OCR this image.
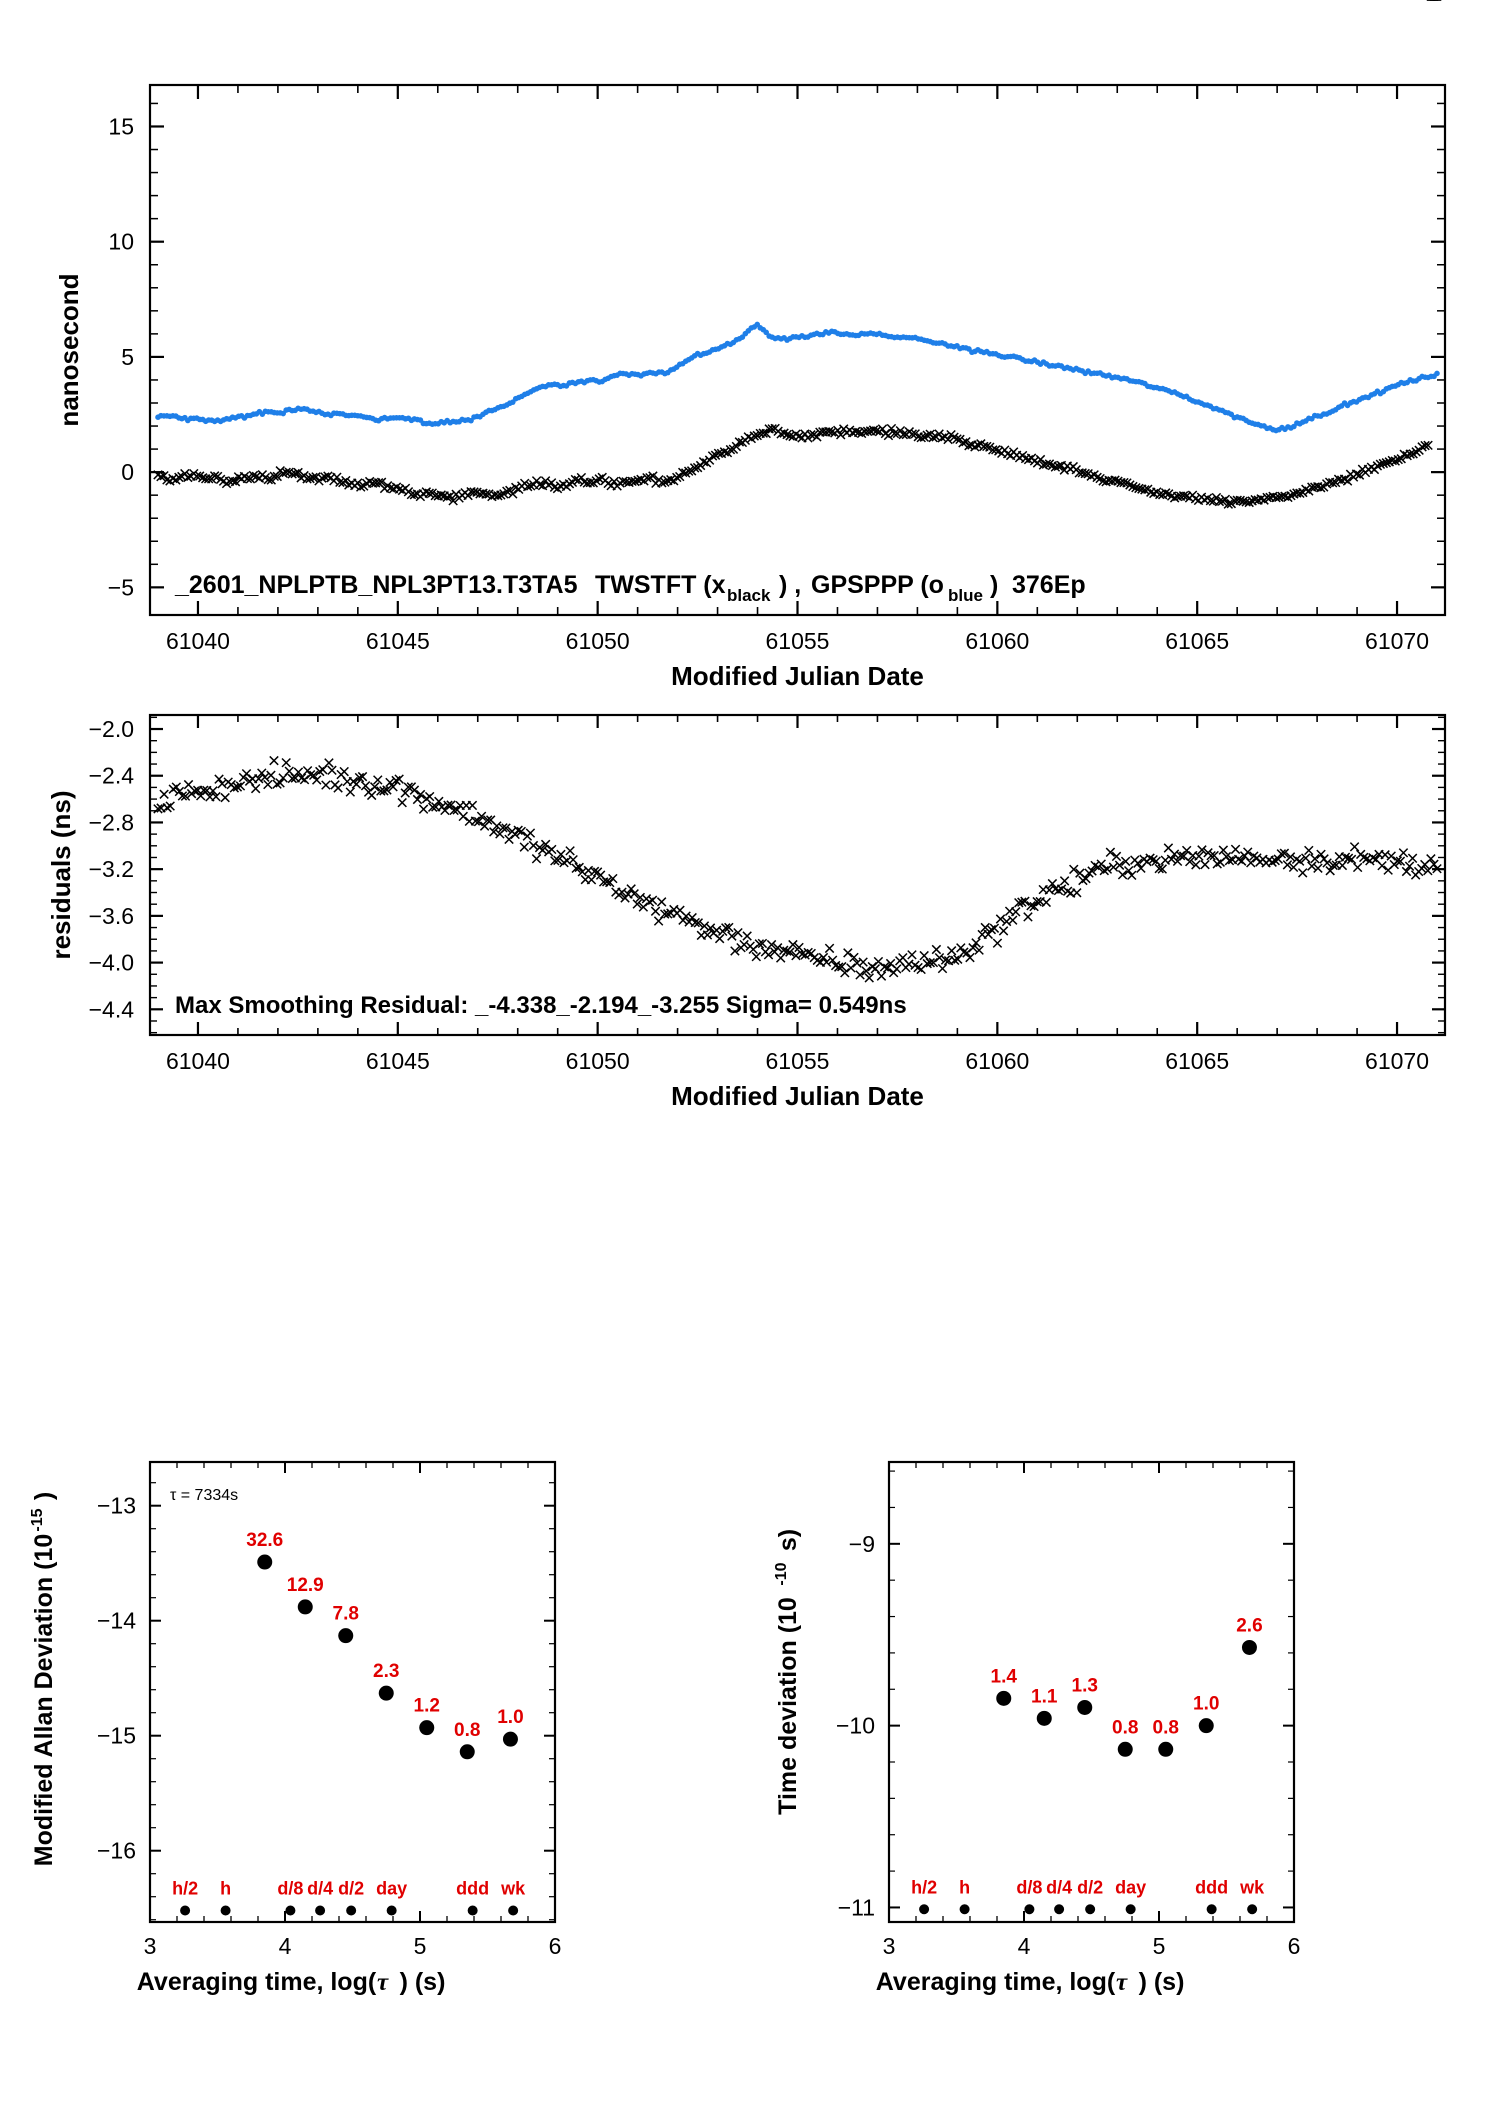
61040	61045	61050	61055	61060	61065	61070
15
10
5
0
−5
Modified Julian Date
nanosecond
_2601_NPLPTB_NPL3PT13.T3TA5 TWSTFT (x black ) , GPSPPP (o blue ) 376Ep
61040	61045	61050	61055	61060	61065	61070
−2.0
−2.4
−2.8
−3.2
−3.6
−4.0
−4.4
Modified Julian Date
residuals (ns)
Max Smoothing Residual: _-4.338_-2.194_-3.255 Sigma= 0.549ns
3	4	5	6
−13
−14
−15
−16
τ = 7334s
h/2 h	d/8 d/4 d/2 day	ddd wk
32.6
12.9
7.8
2.3
1.2
0.8
1.0
Averaging time, log( τ ) (s)
Modified Allan Deviation (10
-15
)
3	4	5	6
−9
−10
−11
h/2 h	d/8 d/4 d/2 day	ddd wk
1.4
1.1
1.3
0.8 0.8
1.0
2.6
Averaging time, log( τ ) (s)
Time deviation (10
-10
s)
